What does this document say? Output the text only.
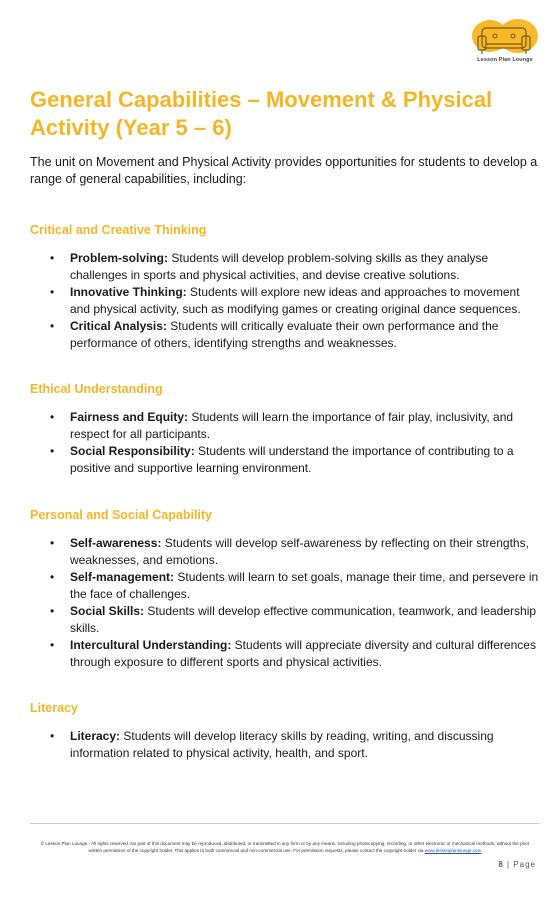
Lesson Plan Lounge
General Capabilities – Movement & Physical Activity (Year 5 – 6)

The unit on Movement and Physical Activity provides opportunities for students to develop a range of general capabilities, including:

Critical and Creative Thinking
• Problem-solving: Students will develop problem-solving skills as they analyse challenges in sports and physical activities, and devise creative solutions.
• Innovative Thinking: Students will explore new ideas and approaches to movement and physical activity, such as modifying games or creating original dance sequences.
• Critical Analysis: Students will critically evaluate their own performance and the performance of others, identifying strengths and weaknesses.
Ethical Understanding
• Fairness and Equity: Students will learn the importance of fair play, inclusivity, and respect for all participants.
• Social Responsibility: Students will understand the importance of contributing to a positive and supportive learning environment.
Personal and Social Capability
• Self-awareness: Students will develop self-awareness by reflecting on their strengths, weaknesses, and emotions.
• Self-management: Students will learn to set goals, manage their time, and persevere in the face of challenges.
• Social Skills: Students will develop effective communication, teamwork, and leadership skills.
• Intercultural Understanding: Students will appreciate diversity and cultural differences through exposure to different sports and physical activities.
Literacy
• Literacy: Students will develop literacy skills by reading, writing, and discussing information related to physical activity, health, and sport.

© Lesson Plan Lounge - All rights reserved. No part of this document may be reproduced, distributed, or transmitted in any form or by any means, including photocopying, recording, or other electronic or mechanical methods, without the prior written permission of the copyright holder. This applies to both commercial and non-commercial use. For permission requests, please contact the copyright holder via www.lessonplanlounge.com

8 | Page
